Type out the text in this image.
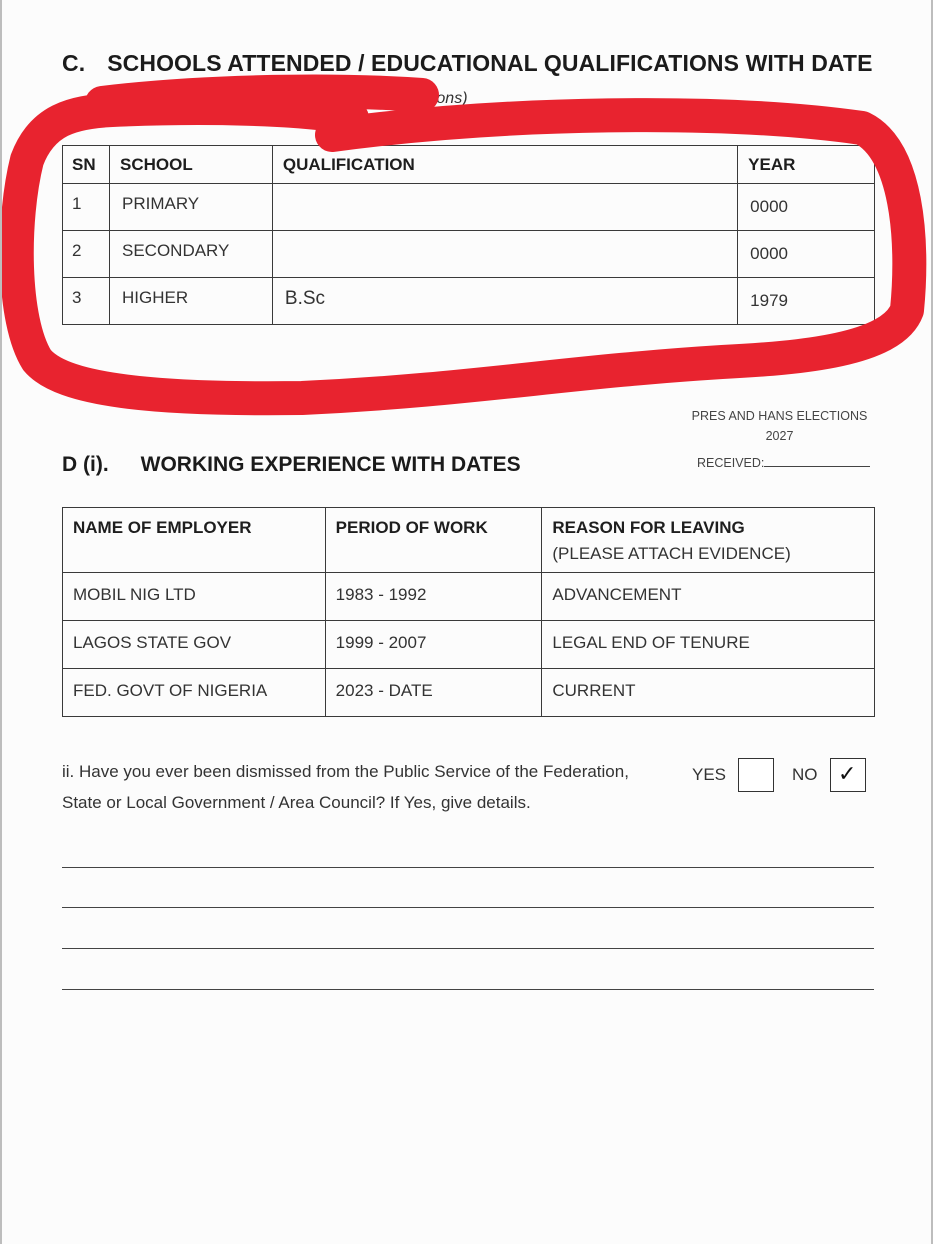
C. SCHOOLS ATTENDED / EDUCATIONAL QUALIFICATIONS WITH DATE
(A ll educational qualifications)
SN	SCHOOL	QUALIFICATION	YEAR
1	PRIMARY		0000
2	SECONDARY		0000
3	HIGHER	B.Sc	1979
PRES AND HANS ELECTIONS
2027
RECEIVED:
D (i). WORKING EXPERIENCE WITH DATES
NAME OF EMPLOYER	PERIOD OF WORK	REASON FOR LEAVING
(PLEASE ATTACH EVIDENCE)

MOBIL NIG LTD	1983 - 1992	ADVANCEMENT
LAGOS STATE GOV	1999 - 2007	LEGAL END OF TENURE
FED. GOVT OF NIGERIA	2023 - DATE	CURRENT
ii. Have you ever been dismissed from the Public Service of the Federation, State or Local Government / Area Council? If Yes, give details.
YES	NO ✓
